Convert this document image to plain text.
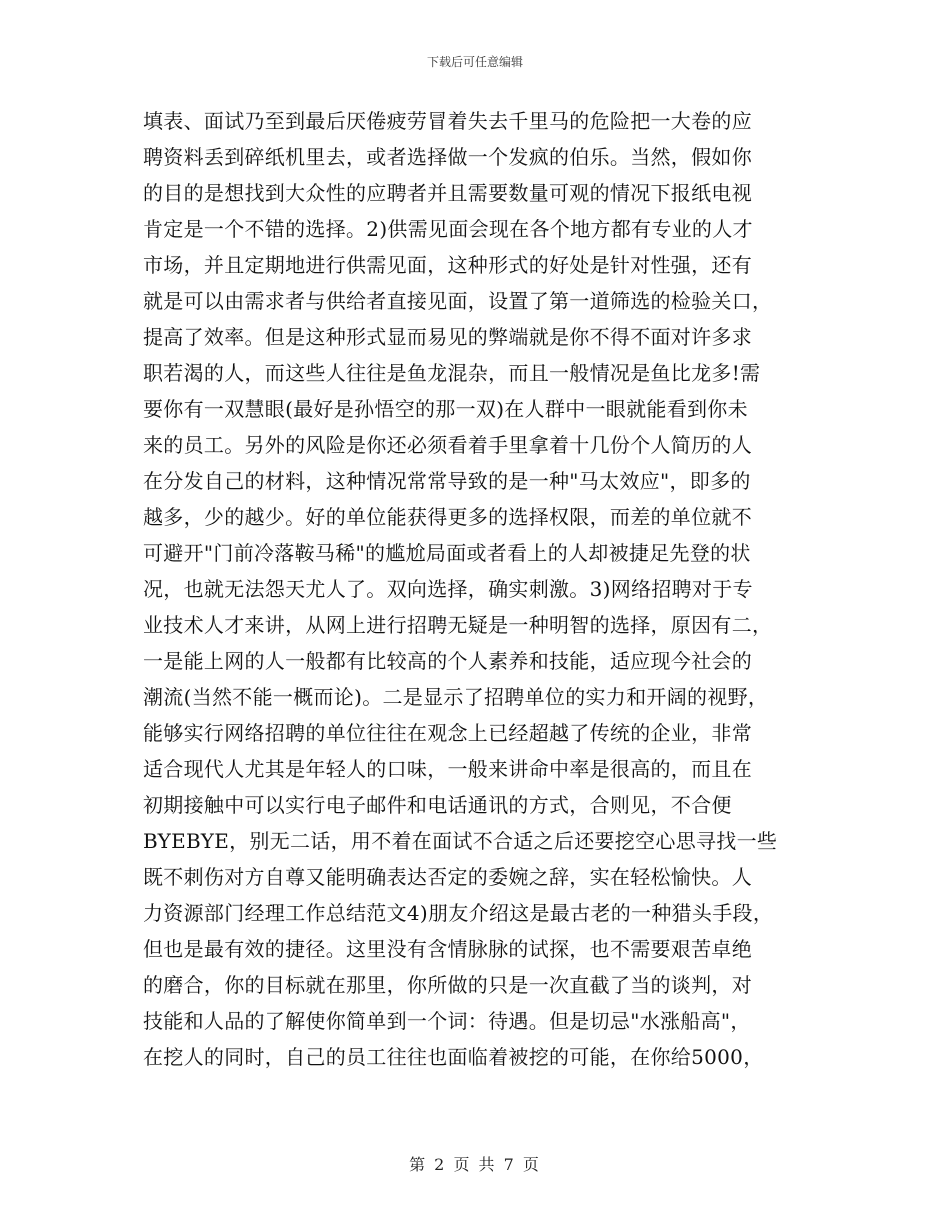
下载后可任意编辑
填表、面试乃至到最后厌倦疲劳冒着失去千里马的危险把一大卷的应
聘资料丢到碎纸机里去，或者选择做一个发疯的伯乐。当然，假如你
的目的是想找到大众性的应聘者并且需要数量可观的情况下报纸电视
肯定是一个不错的选择。2)供需见面会现在各个地方都有专业的人才
市场，并且定期地进行供需见面，这种形式的好处是针对性强，还有
就是可以由需求者与供给者直接见面，设置了第一道筛选的检验关口，
提高了效率。但是这种形式显而易见的弊端就是你不得不面对许多求
职若渴的人，而这些人往往是鱼龙混杂，而且一般情况是鱼比龙多!需
要你有一双慧眼(最好是孙悟空的那一双)在人群中一眼就能看到你未
来的员工。另外的风险是你还必须看着手里拿着十几份个人简历的人
在分发自己的材料，这种情况常常导致的是一种"马太效应"，即多的
越多，少的越少。好的单位能获得更多的选择权限，而差的单位就不
可避开"门前冷落鞍马稀"的尴尬局面或者看上的人却被捷足先登的状
况，也就无法怨天尤人了。双向选择，确实刺激。3)网络招聘对于专
业技术人才来讲，从网上进行招聘无疑是一种明智的选择，原因有二，
一是能上网的人一般都有比较高的个人素养和技能，适应现今社会的
潮流(当然不能一概而论)。二是显示了招聘单位的实力和开阔的视野，
能够实行网络招聘的单位往往在观念上已经超越了传统的企业，非常
适合现代人尤其是年轻人的口味，一般来讲命中率是很高的，而且在
初期接触中可以实行电子邮件和电话通讯的方式，合则见，不合便
BYEBYE，别无二话，用不着在面试不合适之后还要挖空心思寻找一些
既不刺伤对方自尊又能明确表达否定的委婉之辞，实在轻松愉快。人
力资源部门经理工作总结范文4)朋友介绍这是最古老的一种猎头手段，
但也是最有效的捷径。这里没有含情脉脉的试探，也不需要艰苦卓绝
的磨合，你的目标就在那里，你所做的只是一次直截了当的谈判，对
技能和人品的了解使你简单到一个词：待遇。但是切忌"水涨船高"，
在挖人的同时，自己的员工往往也面临着被挖的可能，在你给5000，
第 2 页 共 7 页
